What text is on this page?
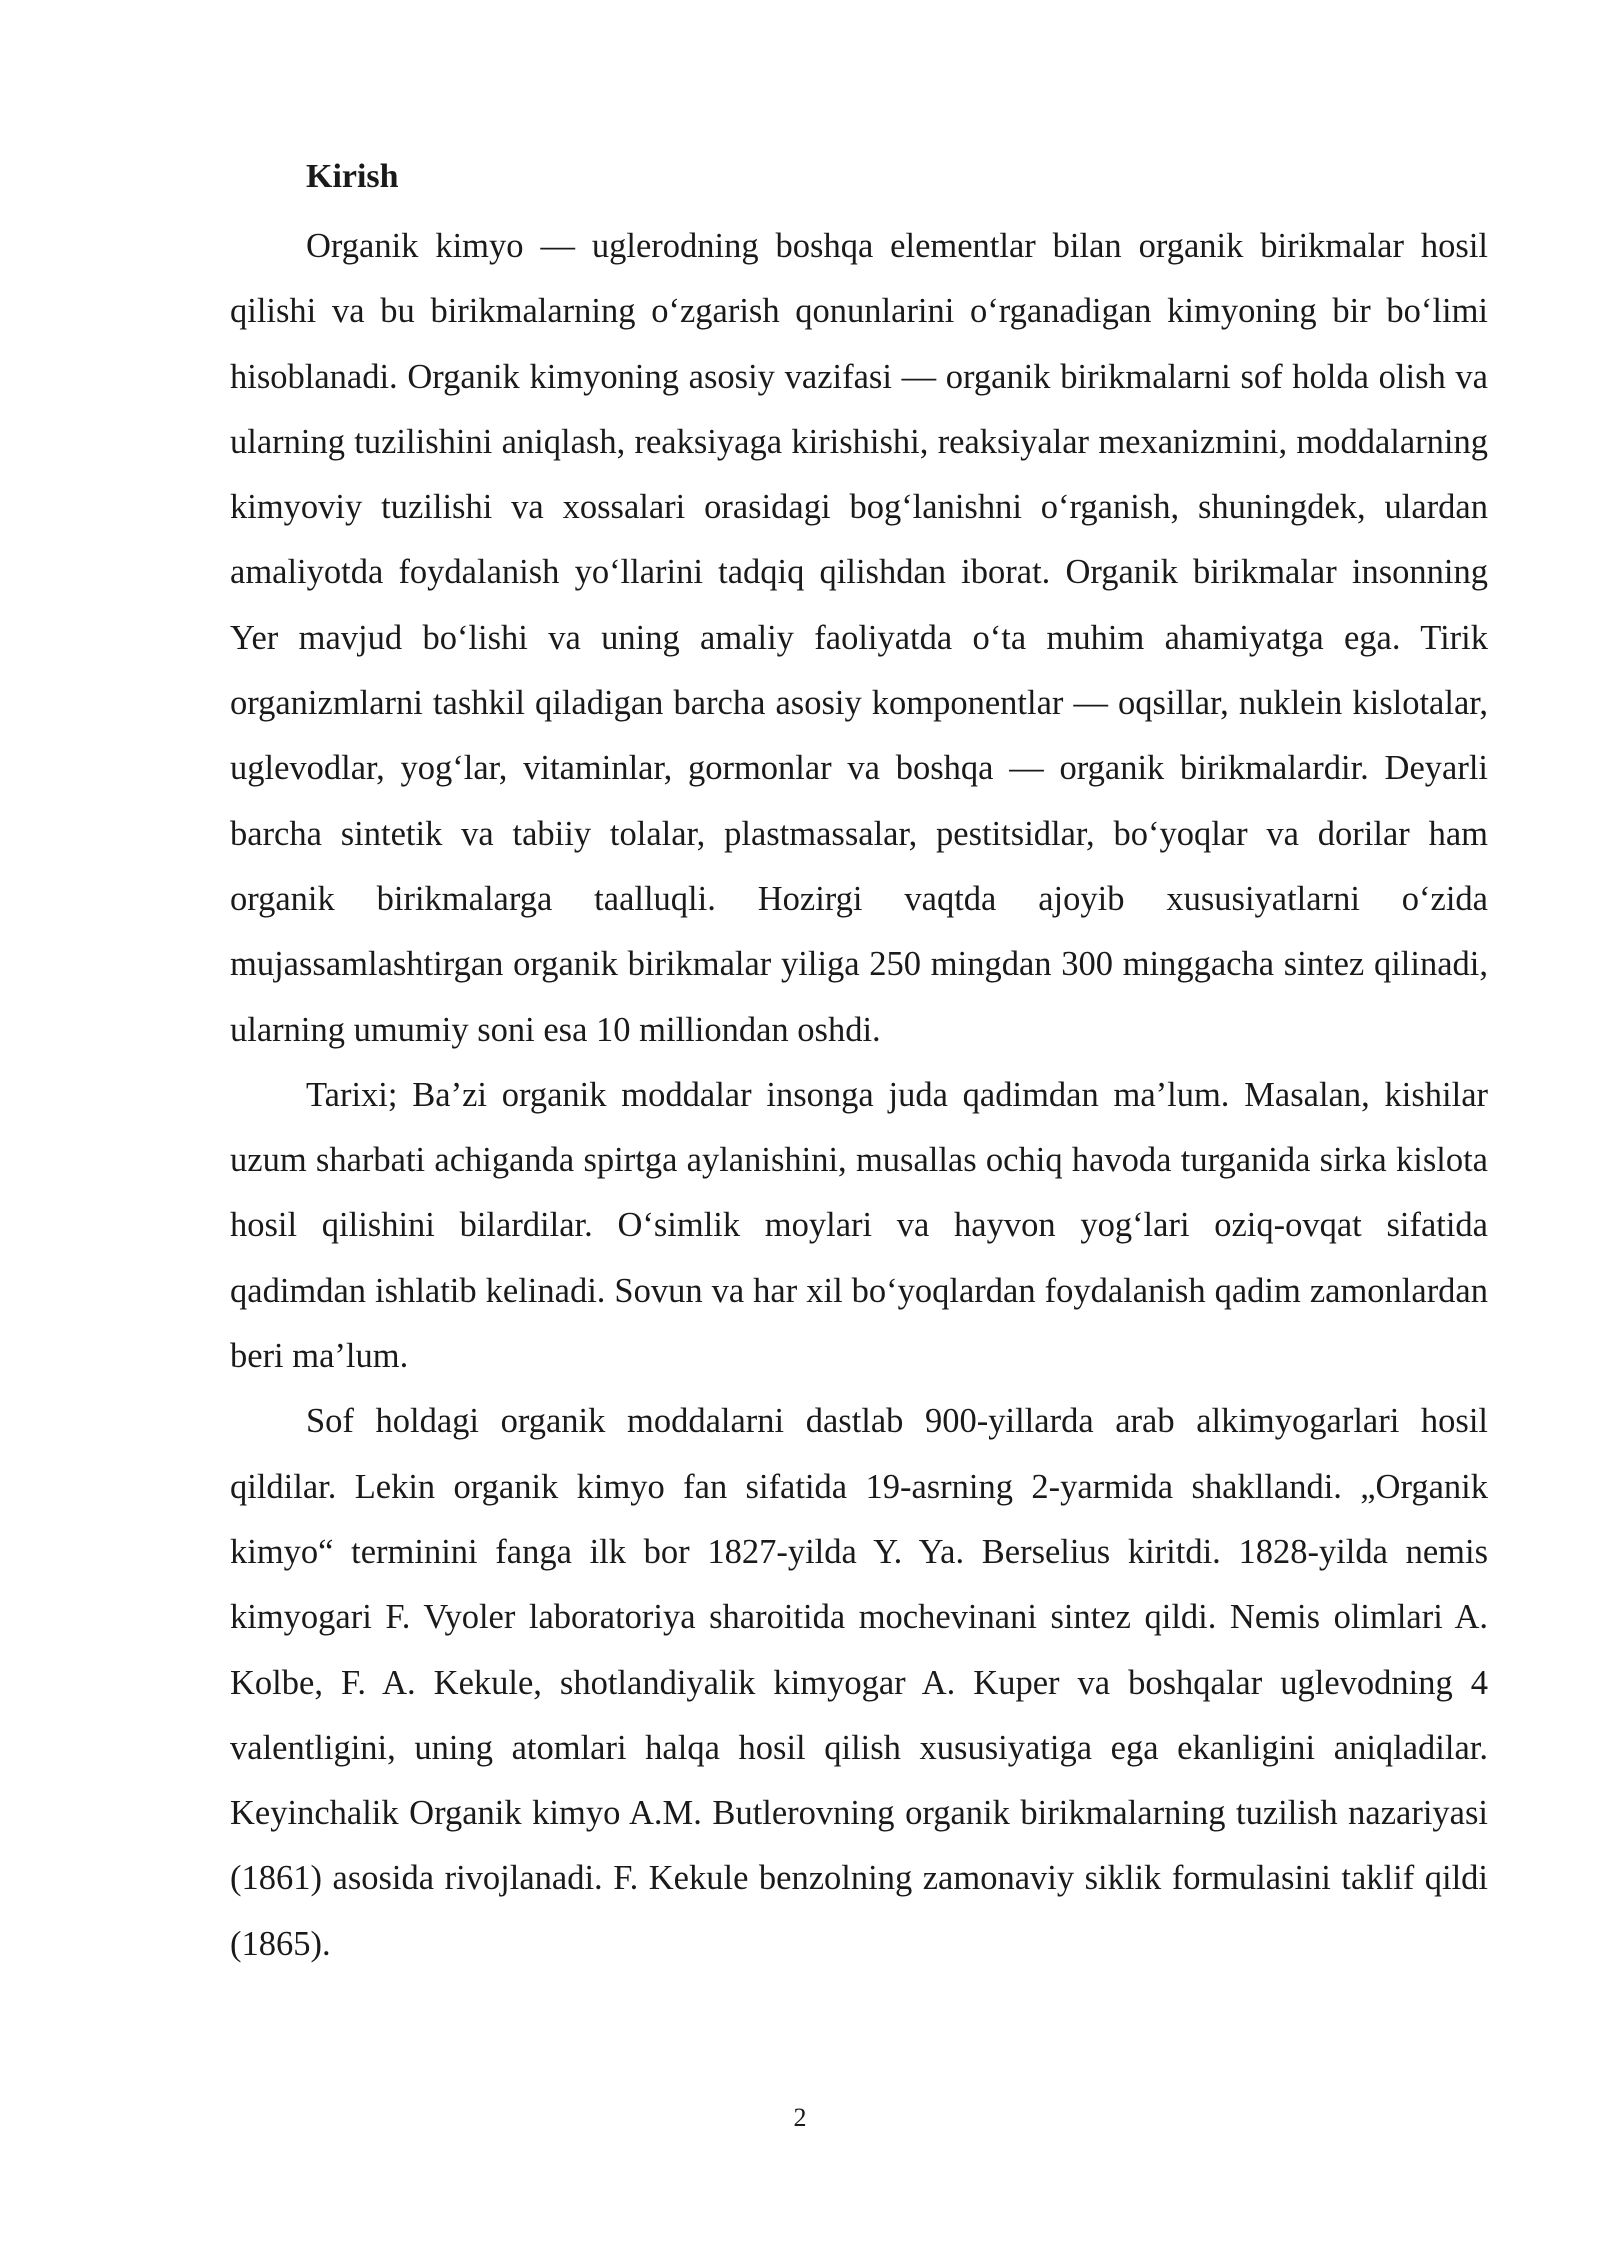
Kirish

Organik kimyo — uglerodning boshqa elementlar bilan organik birikmalar hosil qilishi va bu birikmalarning oʻzgarish qonunlarini oʻrganadigan kimyoning bir boʻlimi hisoblanadi. Organik kimyoning asosiy vazifasi — organik birikmalarni sof holda olish va ularning tuzilishini aniqlash, reaksiyaga kirishishi, reaksiyalar mexanizmini, moddalarning kimyoviy tuzilishi va xossalari orasidagi bogʻlanishni oʻrganish, shuningdek, ulardan amaliyotda foydalanish yoʻllarini tadqiq qilishdan iborat. Organik birikmalar insonning Yer mavjud boʻlishi va uning amaliy faoliyatda oʻta muhim ahamiyatga ega. Tirik organizmlarni tashkil qiladigan barcha asosiy komponentlar — oqsillar, nuklein kislotalar, uglevodlar, yogʻlar, vitaminlar, gormonlar va boshqa — organik birikmalardir. Deyarli barcha sintetik va tabiiy tolalar, plastmassalar, pestitsidlar, boʻyoqlar va dorilar ham organik birikmalarga taalluqli. Hozirgi vaqtda ajoyib xususiyatlarni oʻzida mujassamlashtirgan organik birikmalar yiliga 250 mingdan 300 minggacha sintez qilinadi, ularning umumiy soni esa 10 milliondan oshdi.

Tarixi; Ba’zi organik moddalar insonga juda qadimdan ma’lum. Masalan, kishilar uzum sharbati achiganda spirtga aylanishini, musallas ochiq havoda turganida sirka kislota hosil qilishini bilardilar. Oʻsimlik moylari va hayvon yogʻlari oziq-ovqat sifatida qadimdan ishlatib kelinadi. Sovun va har xil boʻyoqlardan foydalanish qadim zamonlardan beri ma’lum.

Sof holdagi organik moddalarni dastlab 900-yillarda arab alkimyogarlari hosil qildilar. Lekin organik kimyo fan sifatida 19-asrning 2-yarmida shakllandi. „Organik kimyo“ terminini fanga ilk bor 1827-yilda Y. Ya. Berselius kiritdi. 1828-yilda nemis kimyogari F. Vyoler laboratoriya sharoitida mochevinani sintez qildi. Nemis olimlari A. Kolbe, F. A. Kekule, shotlandiyalik kimyogar A. Kuper va boshqalar uglevodning 4 valentligini, uning atomlari halqa hosil qilish xususiyatiga ega ekanligini aniqladilar. Keyinchalik Organik kimyo A.M. Butlerovning organik birikmalarning tuzilish nazariyasi (1861) asosida rivojlanadi. F. Kekule benzolning zamonaviy siklik formulasini taklif qildi (1865).

2
